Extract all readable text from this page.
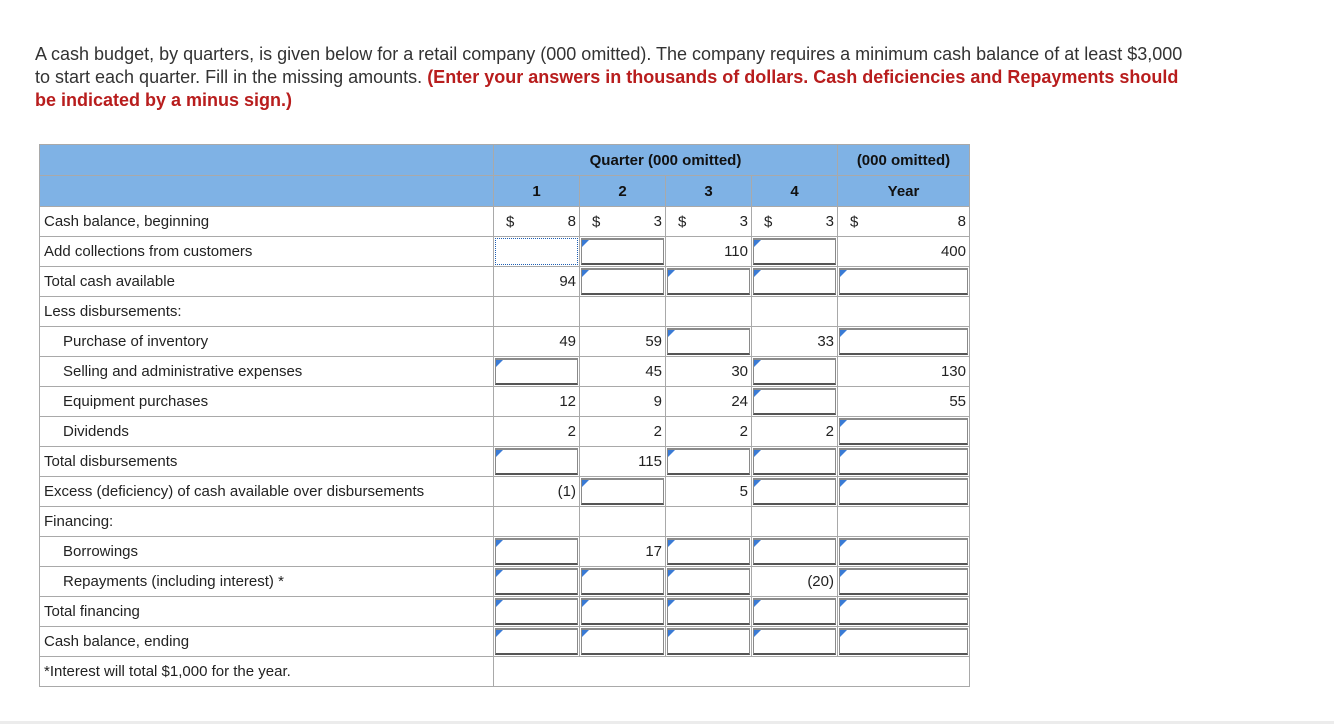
A cash budget, by quarters, is given below for a retail company (000 omitted). The company requires a minimum cash balance of at least $3,000 to start each quarter. Fill in the missing amounts. (Enter your answers in thousands of dollars. Cash deficiencies and Repayments should be indicated by a minus sign.)
	Quarter (000 omitted)				(000 omitted)
	1	2	3	4	Year
Cash balance, beginning	$ 8	$ 3	$ 3	$ 3	$ 8

Add collections from customers			110		400

Total cash available	94				

Less disbursements:					
Purchase of inventory	49	59		33	

Selling and administrative expenses		45	30		130

Equipment purchases	12	9	24		55

Dividends	2	2	2	2	

Total disbursements		115			

Excess (deficiency) of cash available over disbursements	(1)		5		

Financing:					
Borrowings		17			

Repayments (including interest) *				(20)	

Total financing	

Cash balance, ending	

*Interest will total $1,000 for the year.					
